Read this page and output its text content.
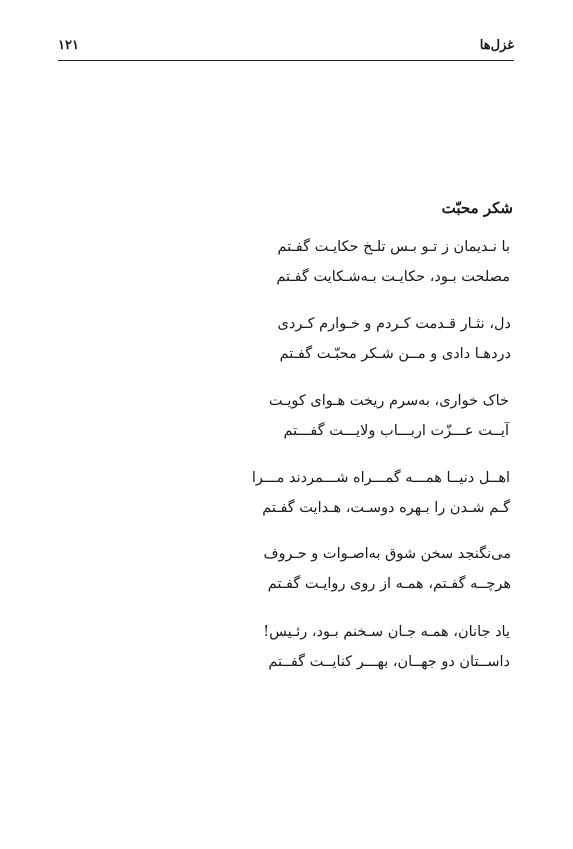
۱۲۱	غزل‌ها
شکر محبّت
با نـدیمان ز تـو بـس تلـخ حکایـت گفـتم
مصلحت بـود، حکایـت بـه‌شـکایت گفـتم
دل، نثـار قـدمت کـردم و خـوارم کـردی
دردهـا دادی و مــن شـکر محبّـت گفـتم
خاک خواری، به‌سرم ریخت هـوای کویـت
آیــت عـــزّت اربـــاب ولایـــت گفـــتم
اهــل دنیــا همـــه گمـــراه شـــمردند مـــرا
گـم شـدن را بـهره دوسـت، هـدایت گفـتم
می‌نگنجد سخن شوق به‌اصـوات و حـروف
هرچــه گفـتم، همـه از روی روایـت گفـتم
یاد جانان، همـه جـان سـخنم بـود، رئـیس!
داســتان دو جهــان، بهـــر کنایــت گفــتم
